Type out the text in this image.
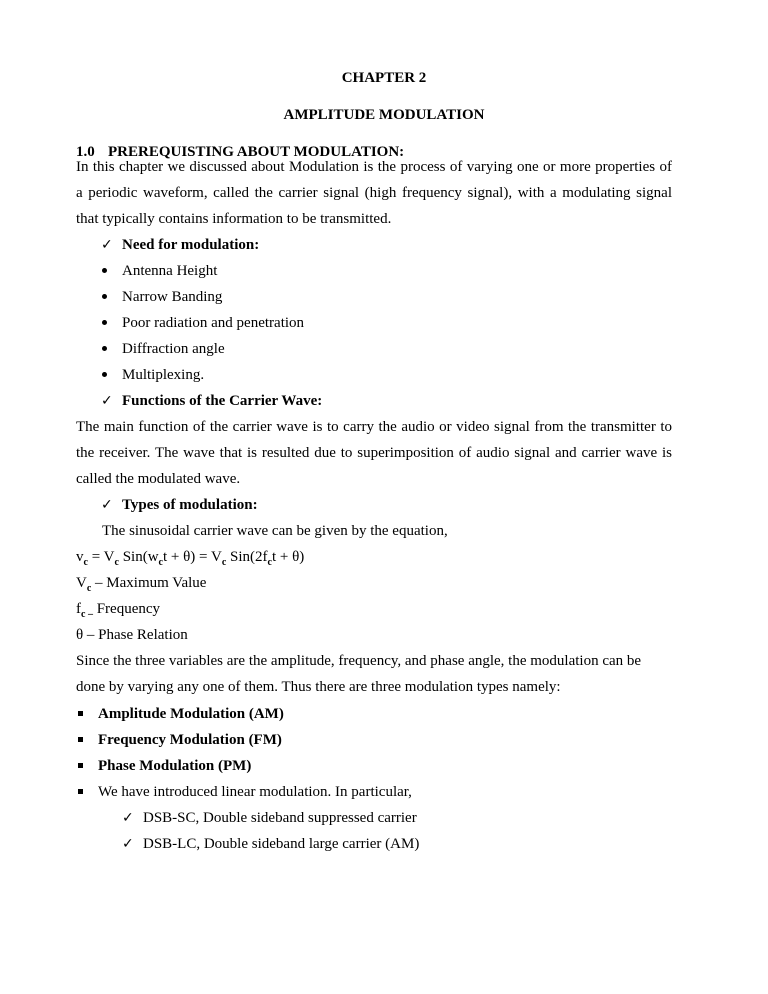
CHAPTER 2
AMPLITUDE MODULATION
1.0 PREREQUISTING ABOUT MODULATION:
In this chapter we discussed about Modulation is the process of varying one or more properties of
a periodic waveform, called the carrier signal (high frequency signal), with a modulating signal
that typically contains information to be transmitted.
✓ Need for modulation:
Antenna Height
Narrow Banding
Poor radiation and penetration
Diffraction angle
Multiplexing.
✓ Functions of the Carrier Wave:
The main function of the carrier wave is to carry the audio or video signal from the transmitter to
the receiver. The wave that is resulted due to superimposition of audio signal and carrier wave is
called the modulated wave.
✓ Types of modulation:
The sinusoidal carrier wave can be given by the equation,
$v_c = V_c$ $Sin(w_ct + \theta) = V_c$ $Sin(2f_ct + \theta)$
$V_c$ – Maximum Value
$f_{c -}$ Frequency
θ – Phase Relation
Since the three variables are the amplitude, frequency, and phase angle, the modulation can be
done by varying any one of them. Thus there are three modulation types namely:
Amplitude Modulation (AM)
Frequency Modulation (FM)
Phase Modulation (PM)
We have introduced linear modulation. In particular,
✓ DSB-SC, Double sideband suppressed carrier
✓ DSB-LC, Double sideband large carrier (AM)
